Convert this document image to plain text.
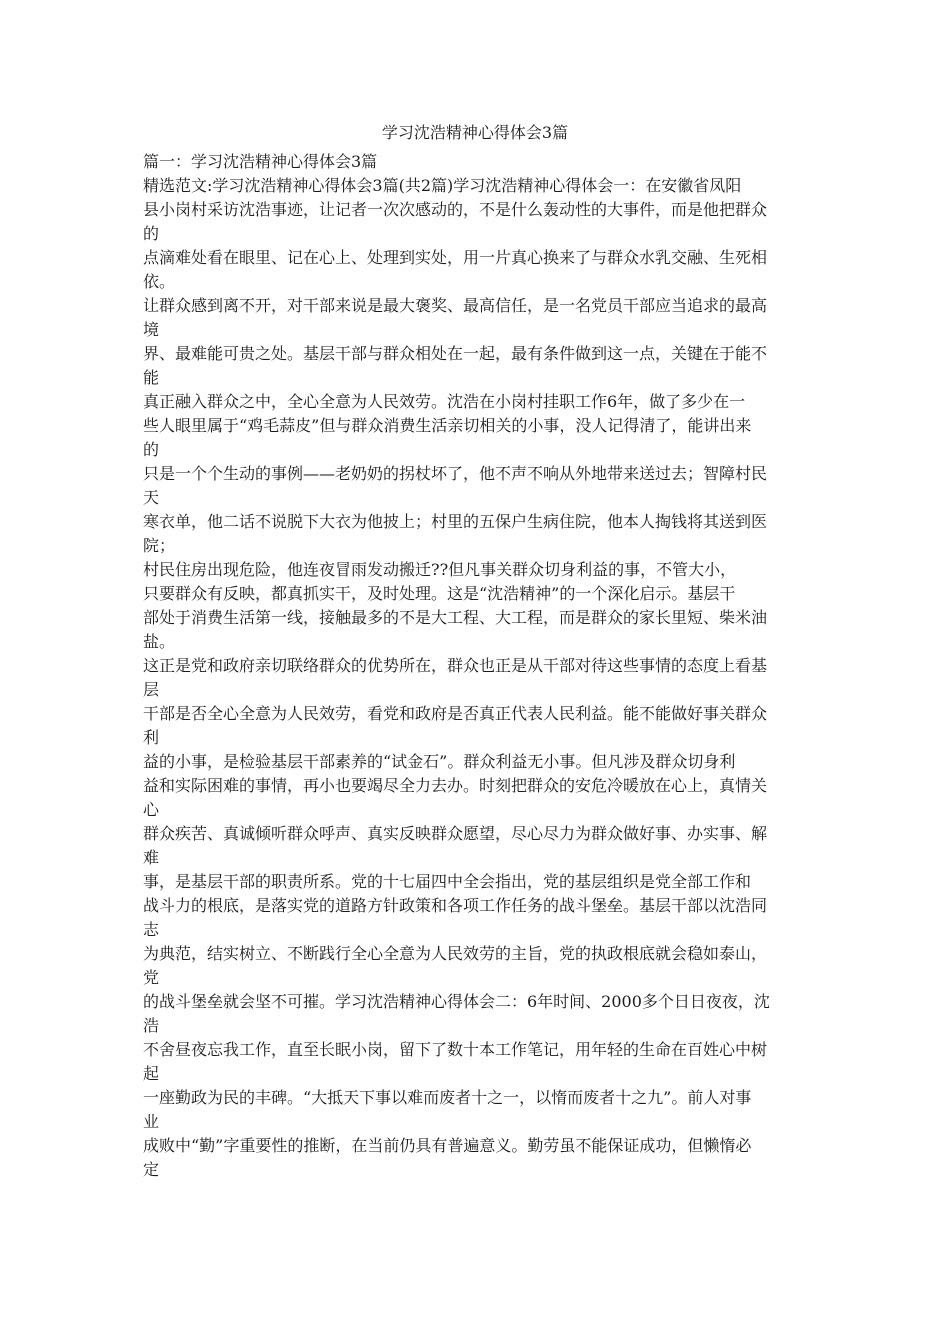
学习沈浩精神心得体会3篇
篇一：学习沈浩精神心得体会3篇
精选范文:学习沈浩精神心得体会3篇(共2篇)学习沈浩精神心得体会一：在安徽省凤阳
县小岗村采访沈浩事迹，让记者一次次感动的，不是什么轰动性的大事件，而是他把群众
的
点滴难处看在眼里、记在心上、处理到实处，用一片真心换来了与群众水乳交融、生死相
依。
让群众感到离不开，对干部来说是最大褒奖、最高信任，是一名党员干部应当追求的最高
境
界、最难能可贵之处。基层干部与群众相处在一起，最有条件做到这一点，关键在于能不
能
真正融入群众之中，全心全意为人民效劳。沈浩在小岗村挂职工作6年，做了多少在一
些人眼里属于“鸡毛蒜皮”但与群众消费生活亲切相关的小事，没人记得清了，能讲出来
的
只是一个个生动的事例——老奶奶的拐杖坏了，他不声不响从外地带来送过去；智障村民
天
寒衣单，他二话不说脱下大衣为他披上；村里的五保户生病住院，他本人掏钱将其送到医
院；
村民住房出现危险，他连夜冒雨发动搬迁??但凡事关群众切身利益的事，不管大小，
只要群众有反映，都真抓实干，及时处理。这是“沈浩精神”的一个深化启示。基层干
部处于消费生活第一线，接触最多的不是大工程、大工程，而是群众的家长里短、柴米油
盐。
这正是党和政府亲切联络群众的优势所在，群众也正是从干部对待这些事情的态度上看基
层
干部是否全心全意为人民效劳，看党和政府是否真正代表人民利益。能不能做好事关群众
利
益的小事，是检验基层干部素养的“试金石”。群众利益无小事。但凡涉及群众切身利
益和实际困难的事情，再小也要竭尽全力去办。时刻把群众的安危冷暖放在心上，真情关
心
群众疾苦、真诚倾听群众呼声、真实反映群众愿望，尽心尽力为群众做好事、办实事、解
难
事，是基层干部的职责所系。党的十七届四中全会指出，党的基层组织是党全部工作和
战斗力的根底，是落实党的道路方针政策和各项工作任务的战斗堡垒。基层干部以沈浩同
志
为典范，结实树立、不断践行全心全意为人民效劳的主旨，党的执政根底就会稳如泰山，
党
的战斗堡垒就会坚不可摧。学习沈浩精神心得体会二：6年时间、2000多个日日夜夜，沈
浩
不舍昼夜忘我工作，直至长眠小岗，留下了数十本工作笔记，用年轻的生命在百姓心中树
起
一座勤政为民的丰碑。“大抵天下事以难而废者十之一，以惰而废者十之九”。前人对事
业
成败中“勤”字重要性的推断，在当前仍具有普遍意义。勤劳虽不能保证成功，但懒惰必
定
